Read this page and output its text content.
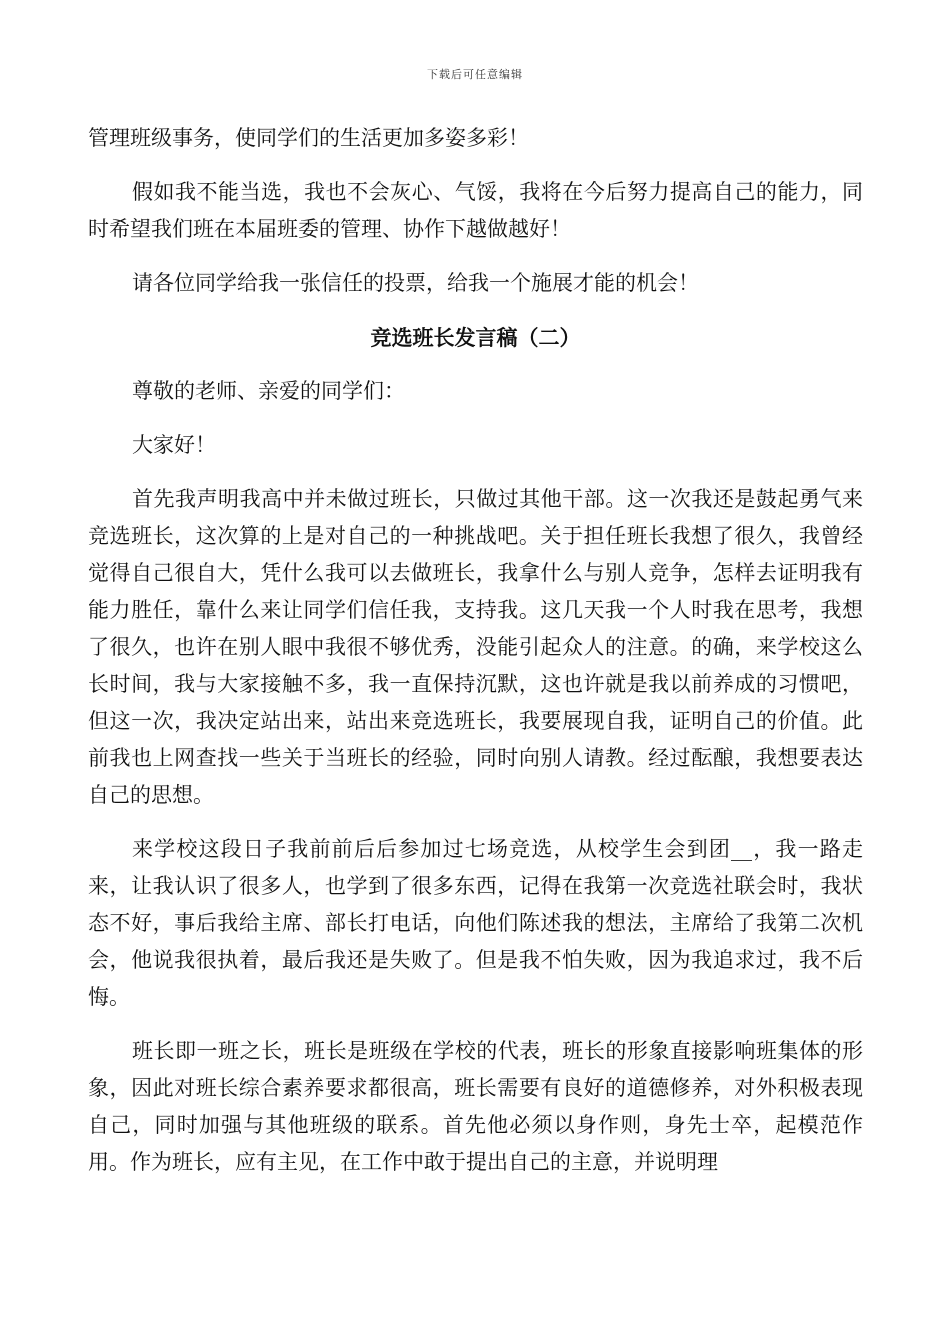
下载后可任意编辑

管理班级事务，使同学们的生活更加多姿多彩！

假如我不能当选，我也不会灰心、气馁，我将在今后努力提高自己的能力，同时希望我们班在本届班委的管理、协作下越做越好！

请各位同学给我一张信任的投票，给我一个施展才能的机会！

竞选班长发言稿（二）

尊敬的老师、亲爱的同学们：

大家好！

首先我声明我高中并未做过班长，只做过其他干部。这一次我还是鼓起勇气来竞选班长，这次算的上是对自己的一种挑战吧。关于担任班长我想了很久，我曾经觉得自己很自大，凭什么我可以去做班长，我拿什么与别人竞争，怎样去证明我有能力胜任，靠什么来让同学们信任我，支持我。这几天我一个人时我在思考，我想了很久，也许在别人眼中我很不够优秀，没能引起众人的注意。的确，来学校这么长时间，我与大家接触不多，我一直保持沉默，这也许就是我以前养成的习惯吧，但这一次，我决定站出来，站出来竞选班长，我要展现自我，证明自己的价值。此前我也上网查找一些关于当班长的经验，同时向别人请教。经过酝酿，我想要表达自己的思想。

来学校这段日子我前前后后参加过七场竞选，从校学生会到团__，我一路走来，让我认识了很多人，也学到了很多东西，记得在我第一次竞选社联会时，我状态不好，事后我给主席、部长打电话，向他们陈述我的想法，主席给了我第二次机会，他说我很执着，最后我还是失败了。但是我不怕失败，因为我追求过，我不后悔。

班长即一班之长，班长是班级在学校的代表，班长的形象直接影响班集体的形象，因此对班长综合素养要求都很高，班长需要有良好的道德修养，对外积极表现自己，同时加强与其他班级的联系。首先他必须以身作则，身先士卒，起模范作用。作为班长，应有主见，在工作中敢于提出自己的主意，并说明理
